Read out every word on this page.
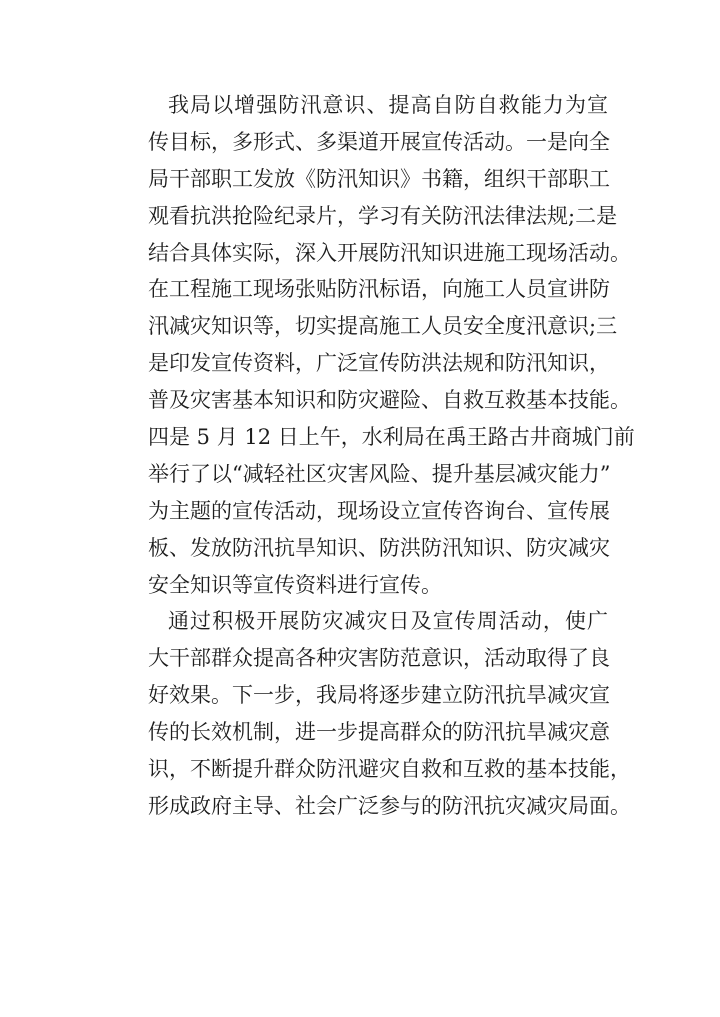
我局以增强防汛意识、提高自防自救能力为宣
传目标，多形式、多渠道开展宣传活动。一是向全
局干部职工发放《防汛知识》书籍，组织干部职工
观看抗洪抢险纪录片，学习有关防汛法律法规;二是
结合具体实际，深入开展防汛知识进施工现场活动。
在工程施工现场张贴防汛标语，向施工人员宣讲防
汛减灾知识等，切实提高施工人员安全度汛意识;三
是印发宣传资料，广泛宣传防洪法规和防汛知识，
普及灾害基本知识和防灾避险、自救互救基本技能。
四是 5 月 12 日上午，水利局在禹王路古井商城门前
举行了以“减轻社区灾害风险、提升基层减灾能力”
为主题的宣传活动，现场设立宣传咨询台、宣传展
板、发放防汛抗旱知识、防洪防汛知识、防灾减灾
安全知识等宣传资料进行宣传。
通过积极开展防灾减灾日及宣传周活动，使广
大干部群众提高各种灾害防范意识，活动取得了良
好效果。下一步，我局将逐步建立防汛抗旱减灾宣
传的长效机制，进一步提高群众的防汛抗旱减灾意
识，不断提升群众防汛避灾自救和互救的基本技能，
形成政府主导、社会广泛参与的防汛抗灾减灾局面。
